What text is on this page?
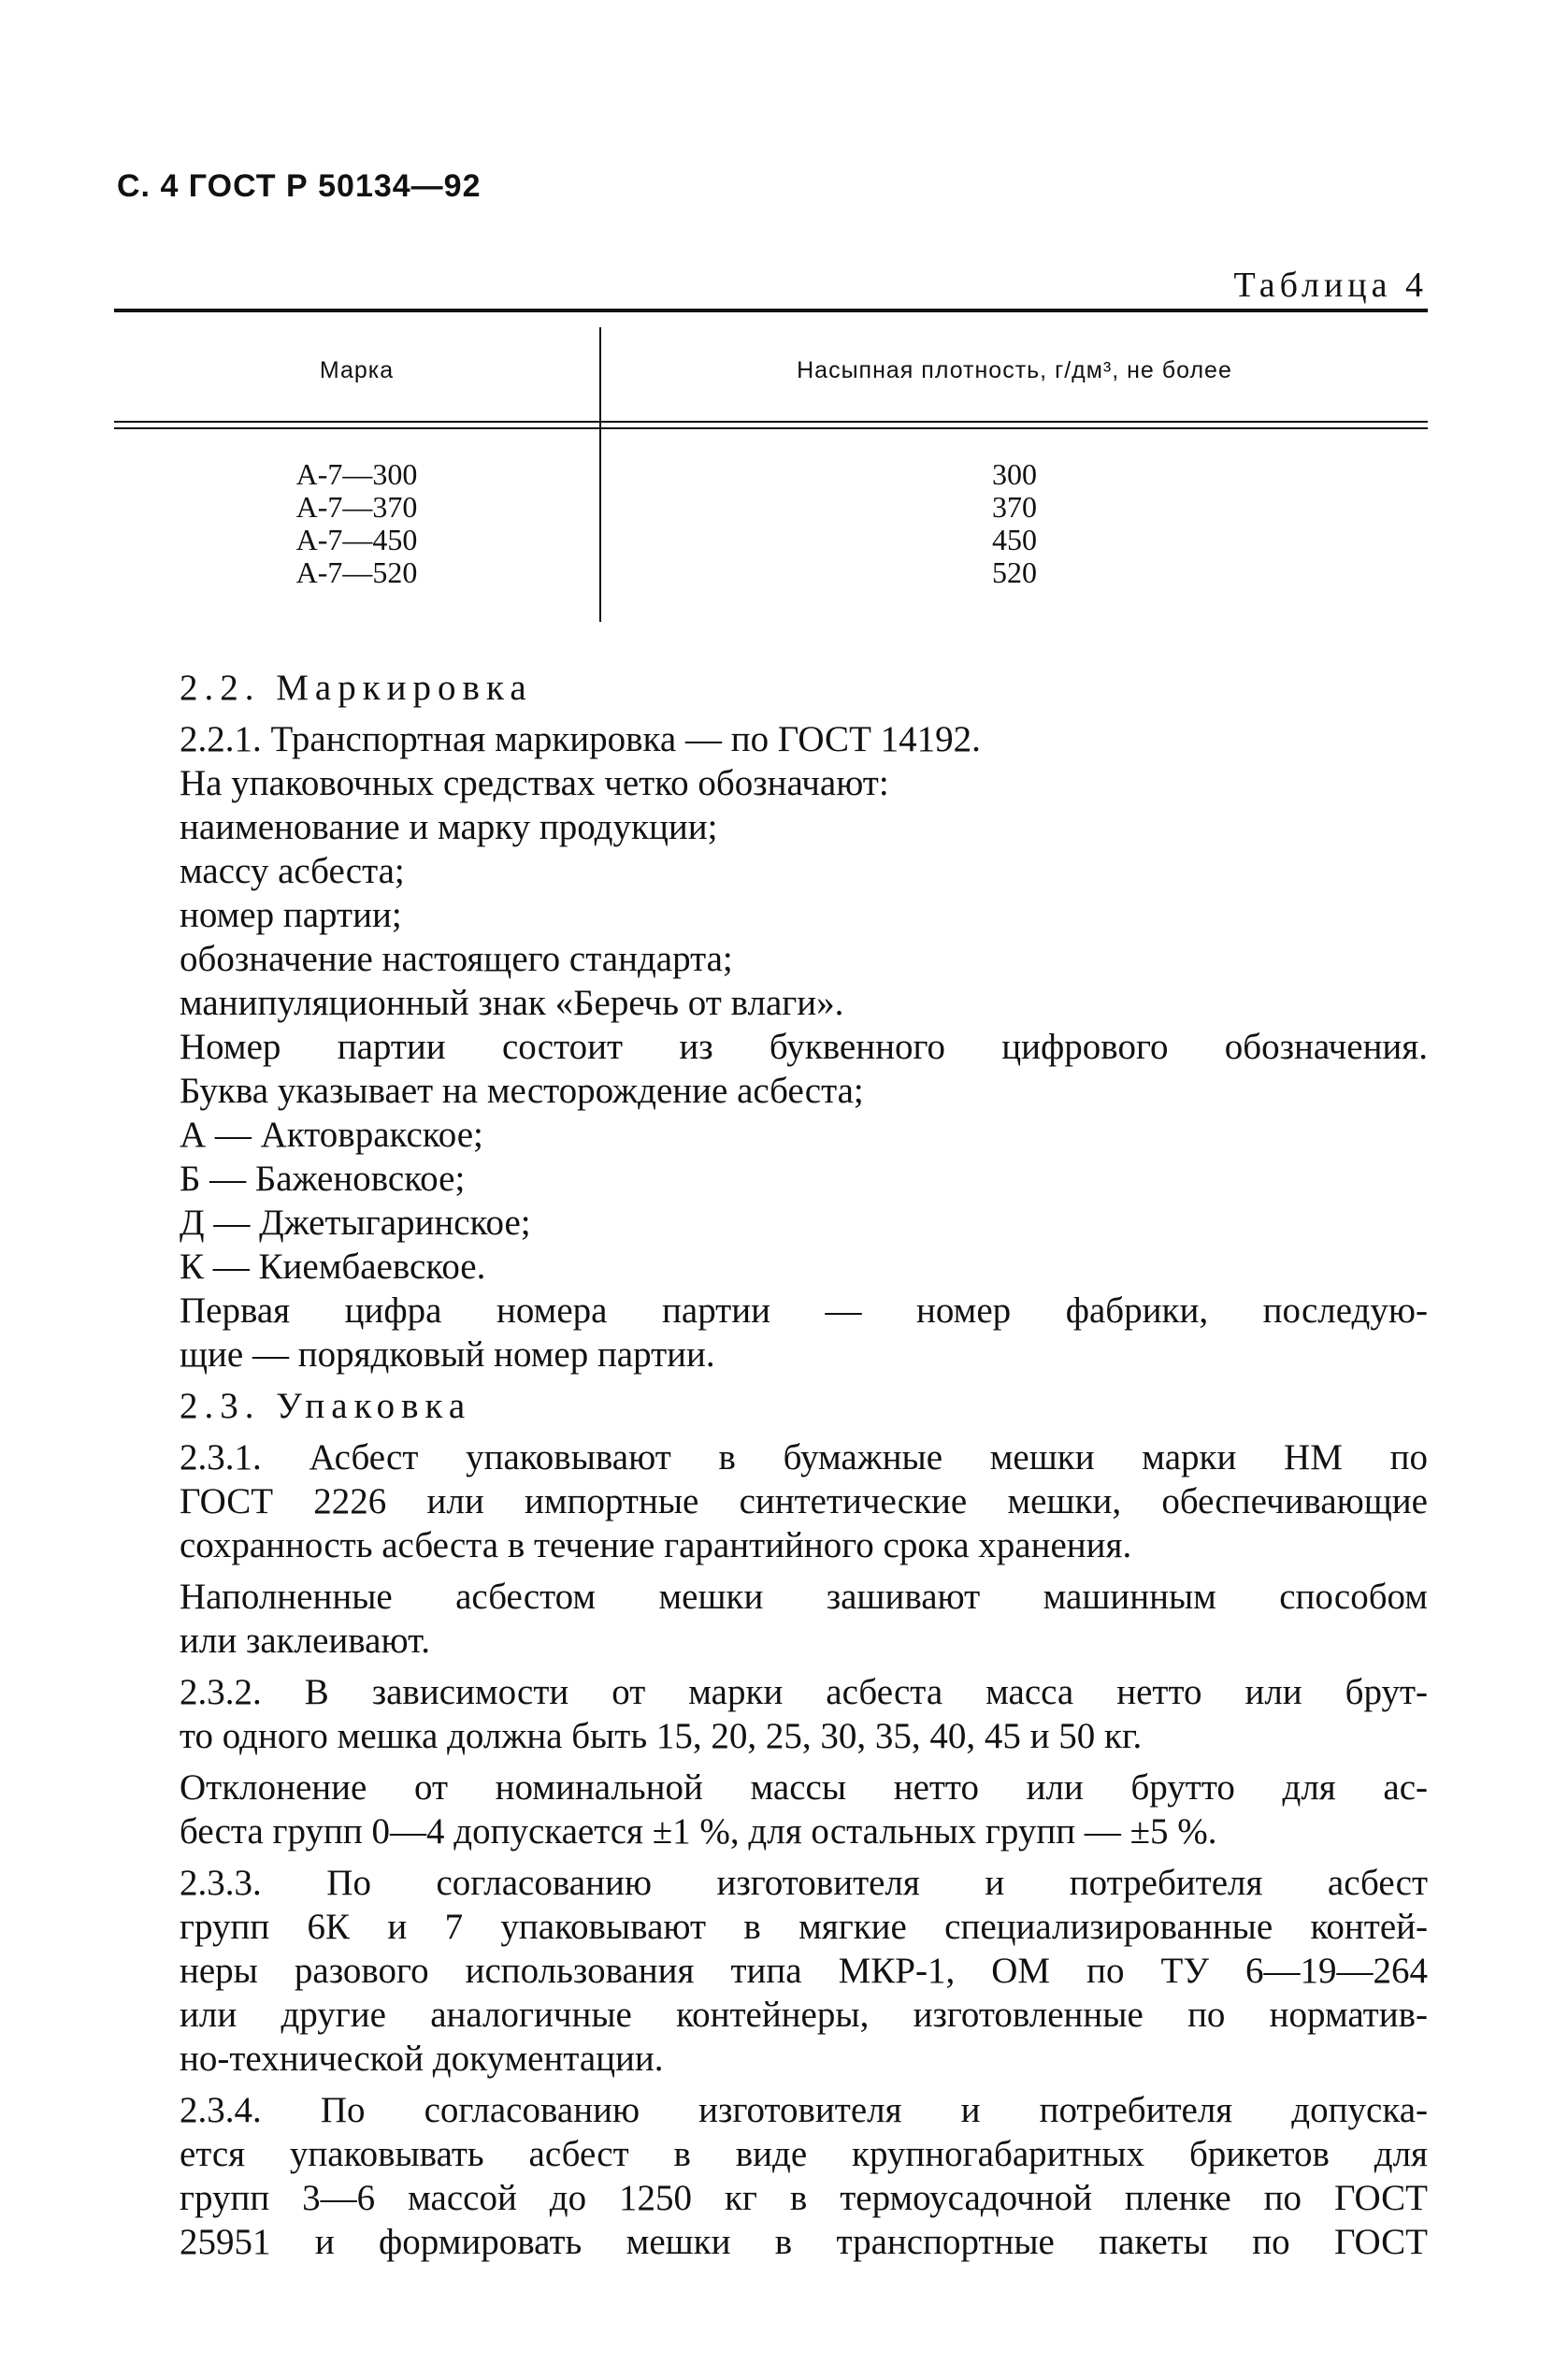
С. 4 ГОСТ Р 50134—92
Таблица 4
Марка	Насыпная плотность, г/дм³, не более
А-7—300
А-7—370
А-7—450
А-7—520
300
370
450
520

2.2. Маркировка

2.2.1. Транспортная маркировка — по ГОСТ 14192.

На упаковочных средствах четко обозначают:

наименование и марку продукции;

массу асбеста;

номер партии;

обозначение настоящего стандарта;

манипуляционный знак «Беречь от влаги».

Номер партии состоит из буквенного цифрового обозначения.

Буква указывает на месторождение асбеста;

А — Актовракское;

Б — Баженовское;

Д — Джетыгаринское;

К — Киембаевское.

Первая цифра номера партии — номер фабрики, последую-

щие — порядковый номер партии.

2.3. Упаковка

2.3.1. Асбест упаковывают в бумажные мешки марки НМ по

ГОСТ 2226 или импортные синтетические мешки, обеспечивающие

сохранность асбеста в течение гарантийного срока хранения.

Наполненные асбестом мешки зашивают машинным способом

или заклеивают.

2.3.2. В зависимости от марки асбеста масса нетто или брут-

то одного мешка должна быть 15, 20, 25, 30, 35, 40, 45 и 50 кг.

Отклонение от номинальной массы нетто или брутто для ас-

беста групп 0—4 допускается ±1 %, для остальных групп — ±5 %.

2.3.3. По согласованию изготовителя и потребителя асбест

групп 6К и 7 упаковывают в мягкие специализированные контей-

неры разового использования типа МКР-1, ОМ по ТУ 6—19—264

или другие аналогичные контейнеры, изготовленные по норматив-

но-технической документации.

2.3.4. По согласованию изготовителя и потребителя допуска-

ется упаковывать асбест в виде крупногабаритных брикетов для

групп 3—6 массой до 1250 кг в термоусадочной пленке по ГОСТ

25951 и формировать мешки в транспортные пакеты по ГОСТ
